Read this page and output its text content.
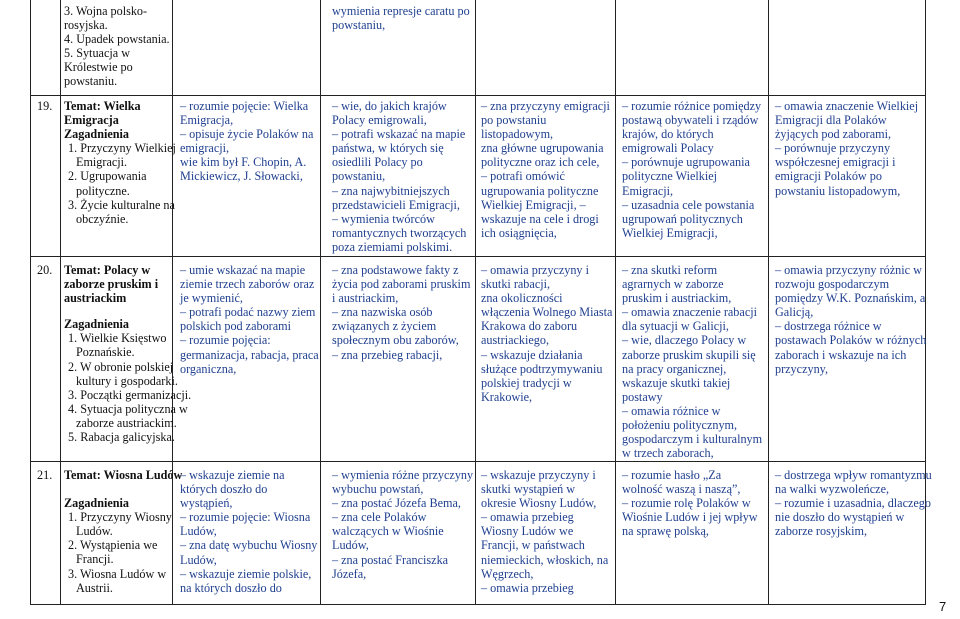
3. Wojna polsko-
rosyjska.
4. Upadek powstania.
5. Sytuacja w
Królestwie po
powstaniu.
wymienia represje caratu po
powstaniu,
19. Temat: Wielka
Emigracja
Zagadnienia
1. Przyczyny Wielkiej
Emigracji.
2. Ugrupowania
polityczne.
3. Życie kulturalne na
obczyźnie.
– rozumie pojęcie: Wielka
Emigracja,
– opisuje życie Polaków na
emigracji,
wie kim był F. Chopin, A.
Mickiewicz, J. Słowacki,
– wie, do jakich krajów
Polacy emigrowali,
– potrafi wskazać na mapie
państwa, w których się
osiedlili Polacy po
powstaniu,
– zna najwybitniejszych
przedstawicieli Emigracji,
– wymienia twórców
romantycznych tworzących
poza ziemiami polskimi.
– zna przyczyny emigracji
po powstaniu
listopadowym,
zna główne ugrupowania
polityczne oraz ich cele,
– potrafi omówić
ugrupowania polityczne
Wielkiej Emigracji, –
wskazuje na cele i drogi
ich osiągnięcia,
– rozumie różnice pomiędzy
postawą obywateli i rządów
krajów, do których
emigrowali Polacy
– porównuje ugrupowania
polityczne Wielkiej
Emigracji,
– uzasadnia cele powstania
ugrupowań politycznych
Wielkiej Emigracji,
– omawia znaczenie Wielkiej
Emigracji dla Polaków
żyjących pod zaborami,
– porównuje przyczyny
współczesnej emigracji i
emigracji Polaków po
powstaniu listopadowym,
20. Temat: Polacy w
zaborze pruskim i
austriackim
Zagadnienia
1. Wielkie Księstwo
Poznańskie.
2. W obronie polskiej
kultury i gospodarki.
3. Początki germanizacji.
4. Sytuacja polityczna w
zaborze austriackim.
5. Rabacja galicyjska.
– umie wskazać na mapie
ziemie trzech zaborów oraz
je wymienić,
– potrafi podać nazwy ziem
polskich pod zaborami
– rozumie pojęcia:
germanizacja, rabacja, praca
organiczna,
– zna podstawowe fakty z
życia pod zaborami pruskim
i austriackim,
– zna nazwiska osób
związanych z życiem
społecznym obu zaborów,
– zna przebieg rabacji,
– omawia przyczyny i
skutki rabacji,
zna okoliczności
włączenia Wolnego Miasta
Krakowa do zaboru
austriackiego,
– wskazuje działania
służące podtrzymywaniu
polskiej tradycji w
Krakowie,
– zna skutki reform
agrarnych w zaborze
pruskim i austriackim,
– omawia znaczenie rabacji
dla sytuacji w Galicji,
– wie, dlaczego Polacy w
zaborze pruskim skupili się
na pracy organicznej,
wskazuje skutki takiej
postawy
– omawia różnice w
położeniu politycznym,
gospodarczym i kulturalnym
w trzech zaborach,
– omawia przyczyny różnic w
rozwoju gospodarczym
pomiędzy W.K. Poznańskim, a
Galicją,
– dostrzega różnice w
postawach Polaków w różnych
zaborach i wskazuje na ich
przyczyny,
21. Temat: Wiosna Ludów
Zagadnienia
1. Przyczyny Wiosny
Ludów.
2. Wystąpienia we
Francji.
3. Wiosna Ludów w
Austrii.
– wskazuje ziemie na
których doszło do
wystąpień,
– rozumie pojęcie: Wiosna
Ludów,
– zna datę wybuchu Wiosny
Ludów,
– wskazuje ziemie polskie,
na których doszło do
– wymienia różne przyczyny
wybuchu powstań,
– zna postać Józefa Bema,
– zna cele Polaków
walczących w Wiośnie
Ludów,
– zna postać Franciszka
Józefa,
– wskazuje przyczyny i
skutki wystąpień w
okresie Wiosny Ludów,
– omawia przebieg
Wiosny Ludów we
Francji, w państwach
niemieckich, włoskich, na
Węgrzech,
– omawia przebieg
– rozumie hasło „Za
wolność waszą i naszą”,
– rozumie rolę Polaków w
Wiośnie Ludów i jej wpływ
na sprawę polską,
– dostrzega wpływ romantyzmu
na walki wyzwoleńcze,
– rozumie i uzasadnia, dlaczego
nie doszło do wystąpień w
zaborze rosyjskim,
7
